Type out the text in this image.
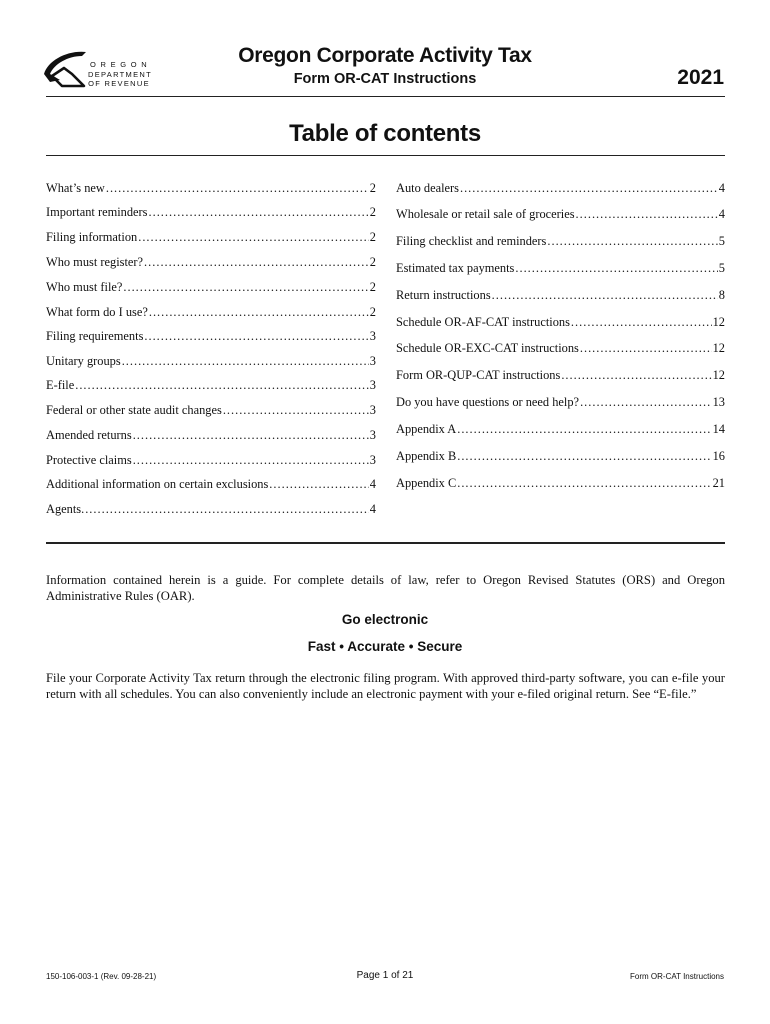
O R E G O N
DEPARTMENT
OF REVENUE
Oregon Corporate Activity Tax
Form OR-CAT Instructions	2021
Table of contents
What’s new .....	2
Important reminders .....	2
Filing information .....	2
Who must register? .....	2
Who must file? .....	2
What form do I use? .....	2
Filing requirements .....	3
Unitary groups .....	3
E-file .....	3
Federal or other state audit changes .....	3
Amended returns .....	3
Protective claims .....	3
Additional information on certain exclusions .....	4
Agents. .....	4
Auto dealers .....	4
Wholesale or retail sale of groceries .....	4
Filing checklist and reminders .....	5
Estimated tax payments .....	5
Return instructions .....	8
Schedule OR-AF-CAT instructions .....	12
Schedule OR-EXC-CAT instructions .....	12
Form OR-QUP-CAT instructions .....	12
Do you have questions or need help? .....	13
Appendix A .....	14
Appendix B .....	16
Appendix C .....	21
Information contained herein is a guide. For complete details of law, refer to Oregon Revised Statutes (ORS) and Oregon Administrative Rules (OAR).
Go electronic
Fast • Accurate • Secure
File your Corporate Activity Tax return through the electronic filing program. With approved third-party software, you can e-file your return with all schedules. You can also conveniently include an electronic payment with your e-filed original return. See “E-file.”
150-106-003-1 (Rev. 09-28-21)	Page 1 of 21	Form OR-CAT Instructions
